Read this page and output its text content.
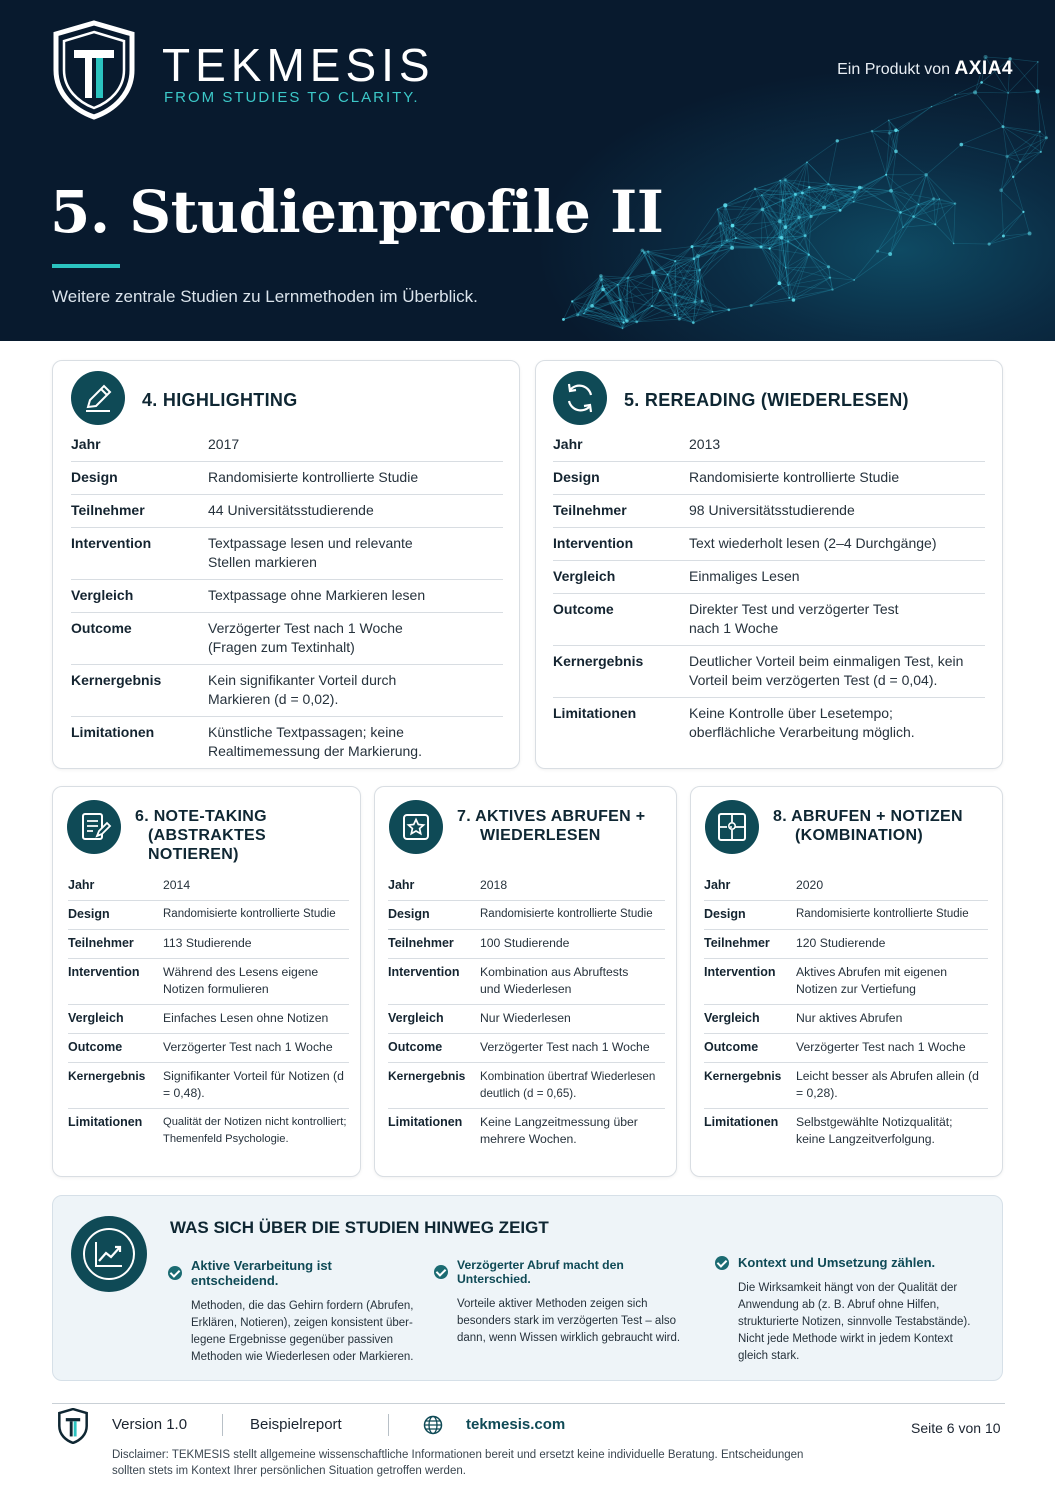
TEKMESIS
FROM STUDIES TO CLARITY.
Ein Produkt von AXIA4
5. Studienprofile II
Weitere zentrale Studien zu Lernmethoden im Überblick.
4. HIGHLIGHTING
Jahr	2017
Design	Randomisierte kontrollierte Studie
Teilnehmer	44 Universitätsstudierende
Intervention	Textpassage lesen und relevante Stellen markieren
Vergleich	Textpassage ohne Markieren lesen
Outcome	Verzögerter Test nach 1 Woche (Fragen zum Textinhalt)
Kernergebnis	Kein signifikanter Vorteil durch Markieren (d = 0,02).
Limitationen	Künstliche Textpassagen; keine Realtimemessung der Markierung.
5. REREADING (WIEDERLESEN)
Jahr	2013
Design	Randomisierte kontrollierte Studie
Teilnehmer	98 Universitätsstudierende
Intervention	Text wiederholt lesen (2–4 Durchgänge)
Vergleich	Einmaliges Lesen
Outcome	Direkter Test und verzögerter Test nach 1 Woche
Kernergebnis	Deutlicher Vorteil beim einmaligen Test, kein Vorteil beim verzögerten Test (d = 0,04).
Limitationen	Keine Kontrolle über Lesetempo; oberflächliche Verarbeitung möglich.
6. NOTE-TAKING
(ABSTRAKTES NOTIEREN)
Jahr	2014
Design	Randomisierte kontrollierte Studie
Teilnehmer	113 Studierende
Intervention	Während des Lesens eigene Notizen formulieren
Vergleich	Einfaches Lesen ohne Notizen
Outcome	Verzögerter Test nach 1 Woche
Kernergebnis	Signifikanter Vorteil für Notizen (d = 0,48).
Limitationen	Qualität der Notizen nicht kontrolliert; Themenfeld Psychologie.
7. AKTIVES ABRUFEN +
WIEDERLESEN
Jahr	2018
Design	Randomisierte kontrollierte Studie
Teilnehmer	100 Studierende
Intervention	Kombination aus Abruftests und Wiederlesen
Vergleich	Nur Wiederlesen
Outcome	Verzögerter Test nach 1 Woche
Kernergebnis	Kombination übertraf Wiederlesen deutlich (d = 0,65).
Limitationen	Keine Langzeitmessung über mehrere Wochen.
8. ABRUFEN + NOTIZEN
(KOMBINATION)
Jahr	2020
Design	Randomisierte kontrollierte Studie
Teilnehmer	120 Studierende
Intervention	Aktives Abrufen mit eigenen Notizen zur Vertiefung
Vergleich	Nur aktives Abrufen
Outcome	Verzögerter Test nach 1 Woche
Kernergebnis	Leicht besser als Abrufen allein (d = 0,28).
Limitationen	Selbstgewählte Notizqualität; keine Langzeitverfolgung.
WAS SICH ÜBER DIE STUDIEN HINWEG ZEIGT
Aktive Verarbeitung ist entscheidend.
Methoden, die das Gehirn fordern (Abrufen, Erklären, Notieren), zeigen konsistent über-legene Ergebnisse gegenüber passiven Methoden wie Wiederlesen oder Markieren.
Verzögerter Abruf macht den Unterschied.
Vorteile aktiver Methoden zeigen sich besonders stark im verzögerten Test – also dann, wenn Wissen wirklich gebraucht wird.
Kontext und Umsetzung zählen.
Die Wirksamkeit hängt von der Qualität der Anwendung ab (z. B. Abruf ohne Hilfen, strukturierte Notizen, sinnvolle Testabstände). Nicht jede Methode wirkt in jedem Kontext gleich stark.
Version 1.0	Beispielreport	tekmesis.com	Seite 6 von 10
Disclaimer: TEKMESIS stellt allgemeine wissenschaftliche Informationen bereit und ersetzt keine individuelle Beratung. Entscheidungen sollten stets im Kontext Ihrer persönlichen Situation getroffen werden.
